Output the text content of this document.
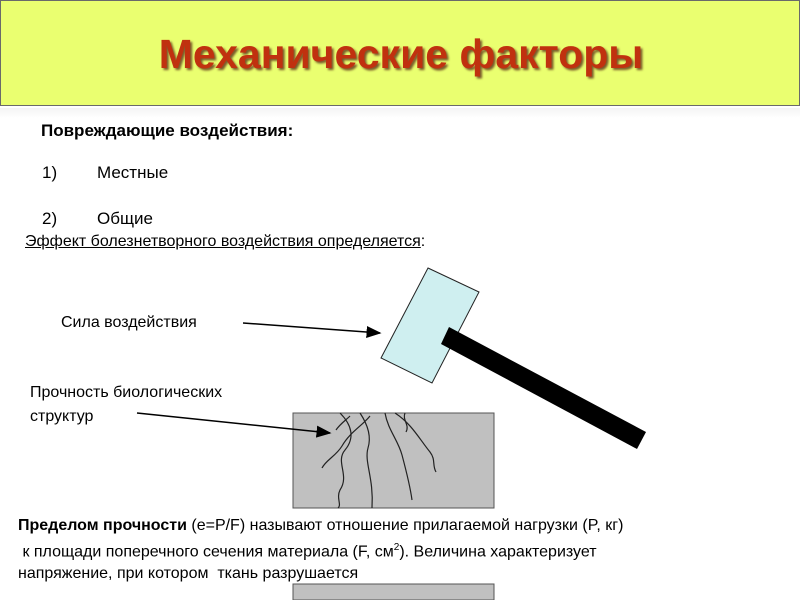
Механические факторы
Повреждающие воздействия:
1) Местные
2) Общие
Эффект болезнетворного воздействия определяется:
Сила воздействия
Прочность биологических
структур
Пределом прочности (e=P/F) называют отношение прилагаемой нагрузки (P, кг)
к площади поперечного сечения материала (F, $см^2$). Величина характеризует
напряжение, при котором  ткань разрушается
